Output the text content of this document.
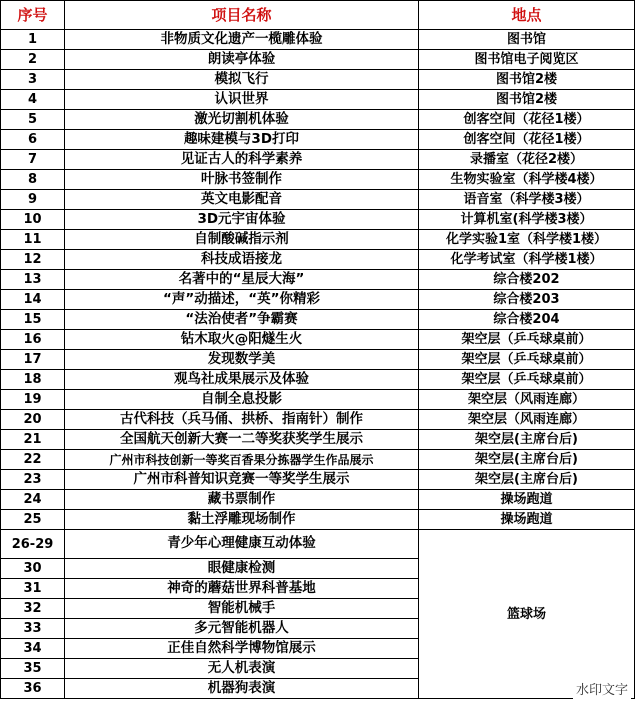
序号	项目名称	地点
1	非物质文化遗产一榄雕体验	图书馆
2	朗读亭体验	图书馆电子阅览区
3	模拟飞行	图书馆2楼
4	认识世界	图书馆2楼
5	激光切割机体验	创客空间（花径1楼）
6	趣味建模与3D打印	创客空间（花径1楼）
7	见证古人的科学素养	录播室（花径2楼）
8	叶脉书签制作	生物实验室（科学楼4楼）
9	英文电影配音	语音室（科学楼3楼）
10	3D元宇宙体验	计算机室(科学楼3楼）
11	自制酸碱指示剂	化学实验1室（科学楼1楼）
12	科技成语接龙	化学考试室（科学楼1楼）
13	名著中的“星辰大海”	综合楼202
14	“声”动描述，“英”你精彩	综合楼203
15	“法治使者”争霸赛	综合楼204
16	钻木取火@阳燧生火	架空层（乒乓球桌前）
17	发现数学美	架空层（乒乓球桌前）
18	观鸟社成果展示及体验	架空层（乒乓球桌前）
19	自制全息投影	架空层（风雨连廊）
20	古代科技（兵马俑、拱桥、指南针）制作	架空层（风雨连廊）
21	全国航天创新大赛一二等奖获奖学生展示	架空层(主席台后)
22	广州市科技创新一等奖百香果分拣器学生作品展示	架空层(主席台后)
23	广州市科普知识竞赛一等奖学生展示	架空层(主席台后)
24	藏书票制作	操场跑道
25	黏土浮雕现场制作	操场跑道
26-29	青少年心理健康互动体验	篮球场
30	眼健康检测	
31	神奇的蘑菇世界科普基地	
32	智能机械手	
33	多元智能机器人	
34	正佳自然科学博物馆展示	
35	无人机表演	
36	机器狗表演		水印文字
